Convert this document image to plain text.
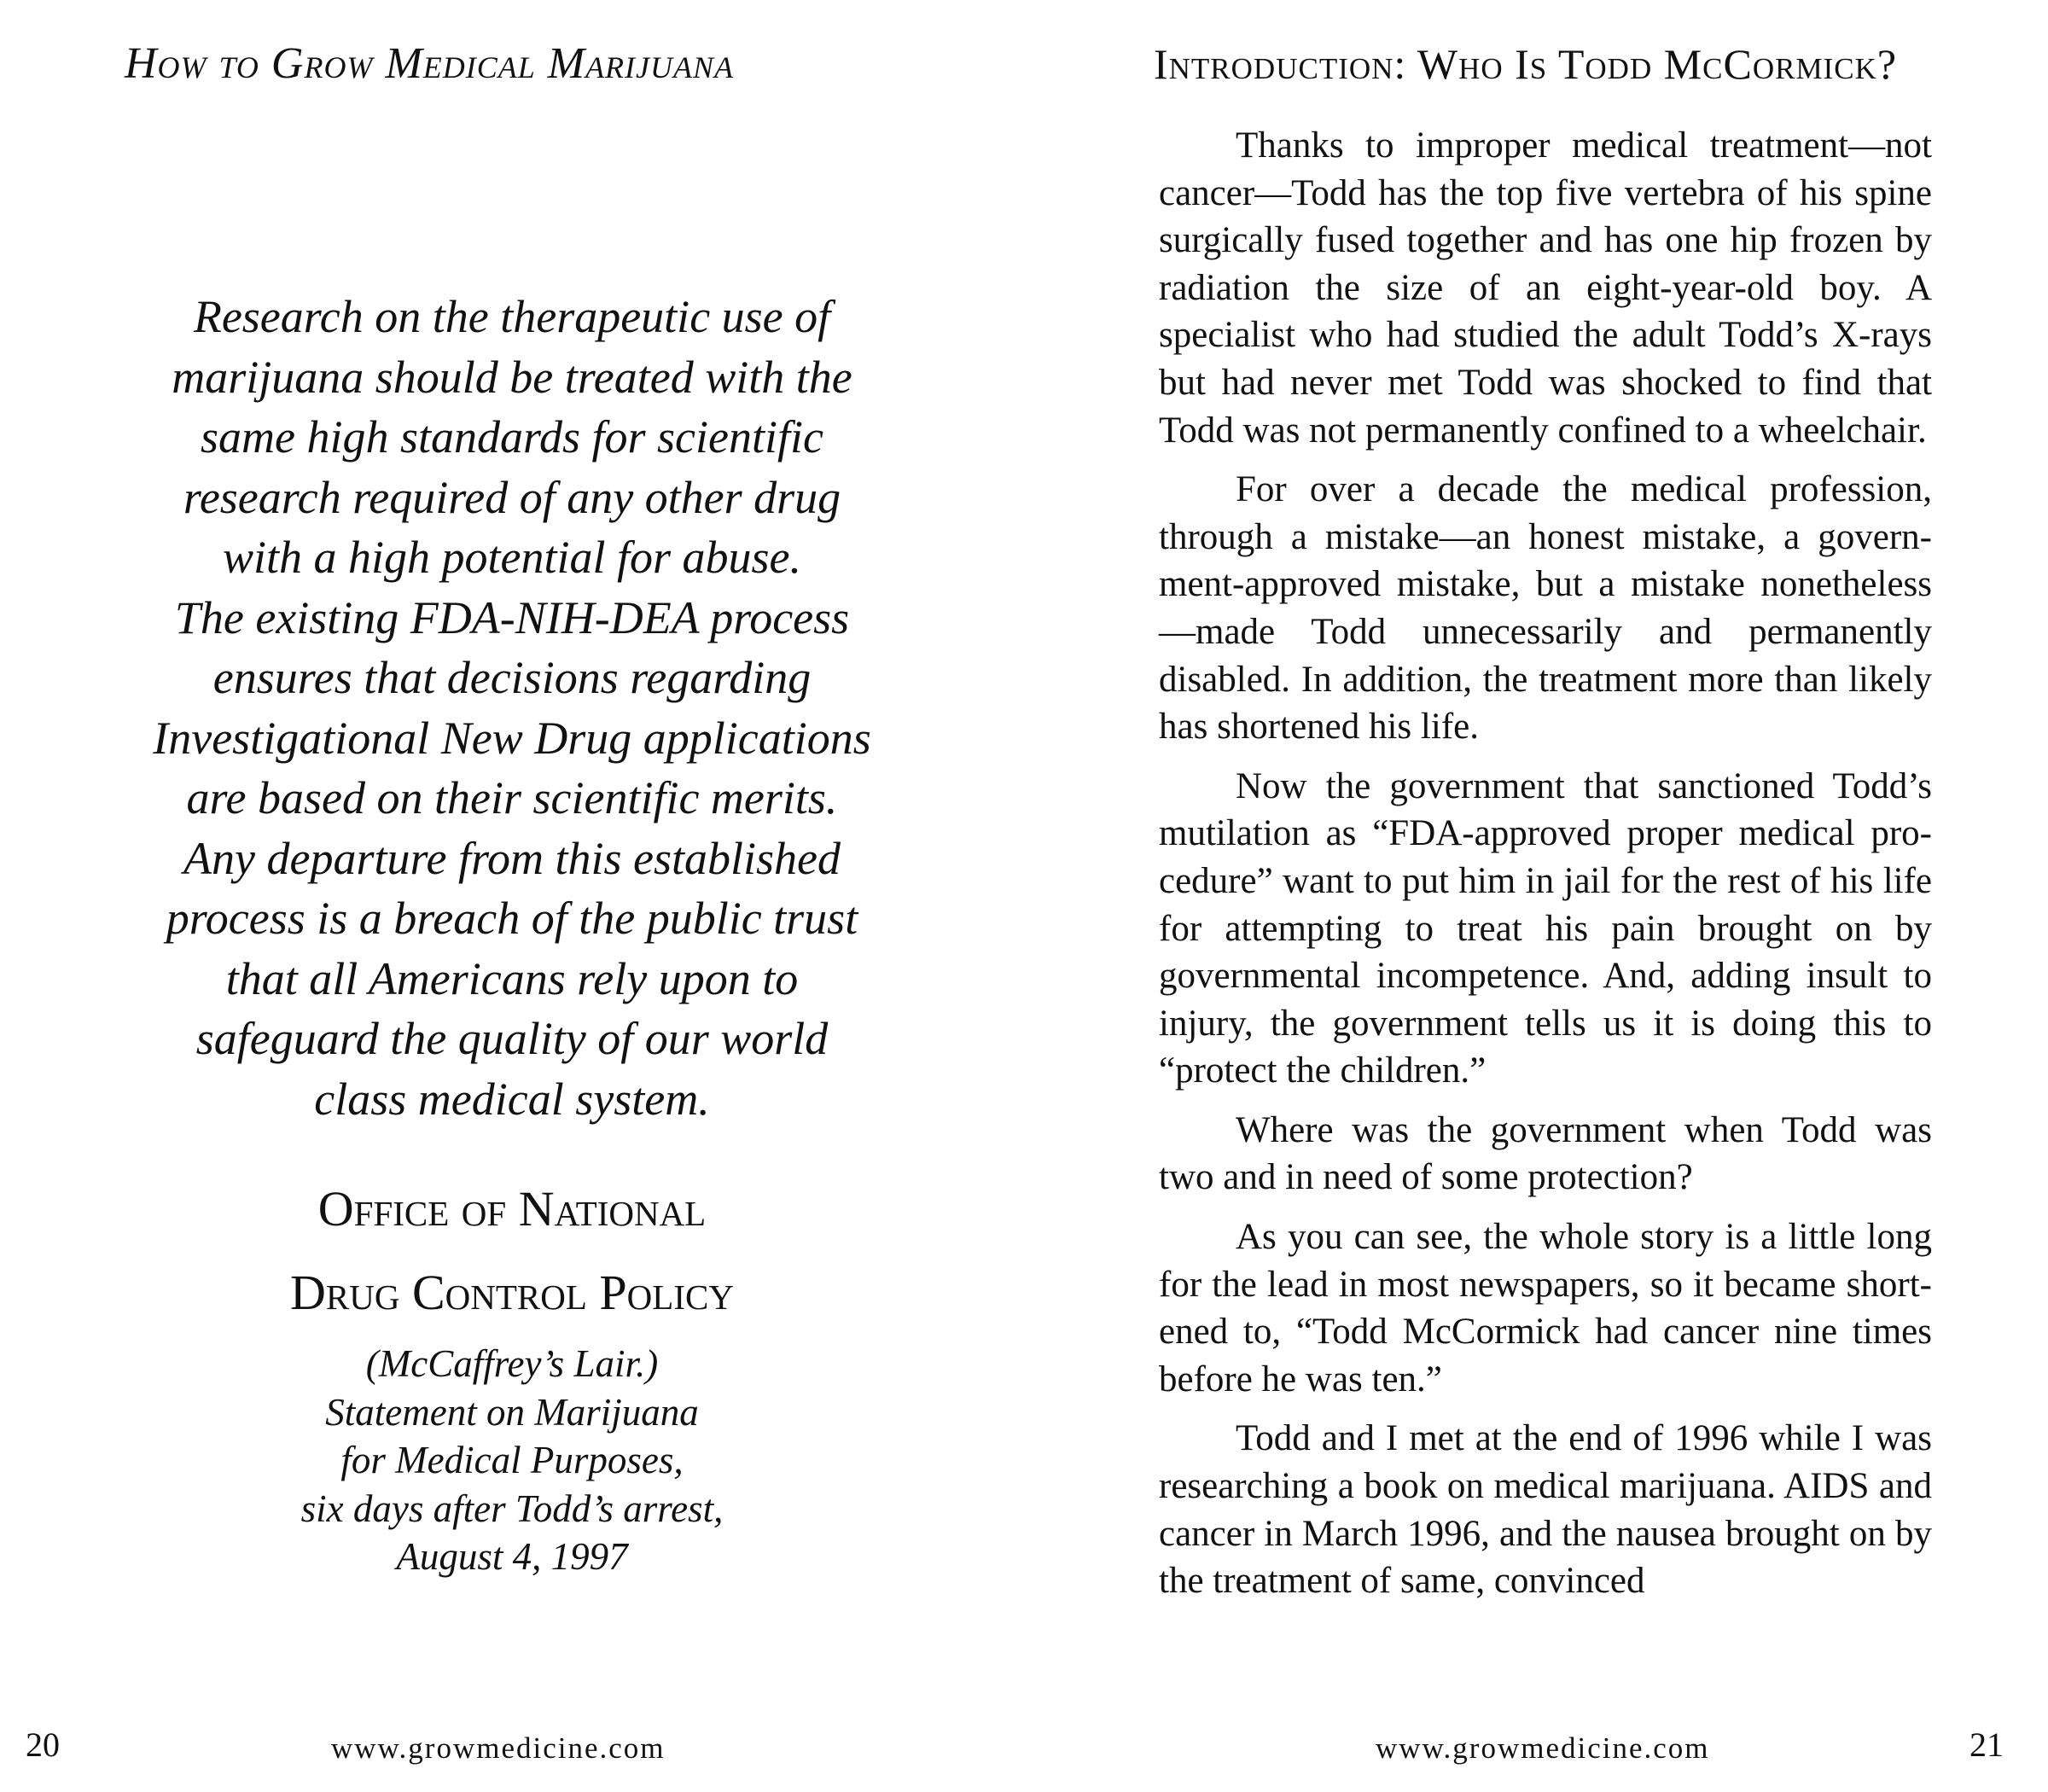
How to Grow Medical Marijuana
Research on the therapeutic use of
marijuana should be treated with the
same high standards for scientific
research required of any other drug
with a high potential for abuse.
The existing FDA-NIH-DEA process
ensures that decisions regarding
Investigational New Drug applications
are based on their scientific merits.
Any departure from this established
process is a breach of the public trust
that all Americans rely upon to
safeguard the quality of our world
class medical system.
Office of National
Drug Control Policy
(McCaffrey’s Lair.)
Statement on Marijuana
for Medical Purposes,
six days after Todd’s arrest,
August 4, 1997
20	www.growmedicine.com
Introduction: Who Is Todd McCormick?

Thanks to improper medical treatment—not cancer—Todd has the top five vertebra of his spine surgically fused together and has one hip frozen by radiation the size of an eight-year-old boy. A specialist who had studied the adult Todd’s X-rays but had never met Todd was shocked to find that Todd was not permanently confined to a wheelchair.

For over a decade the medical profession, through a mistake—an honest mistake, a government-approved mistake, but a mistake nonetheless—made Todd unnecessarily and permanently disabled. In addition, the treatment more than likely has shortened his life.

Now the government that sanctioned Todd’s mutilation as “FDA-approved proper medical procedure” want to put him in jail for the rest of his life for attempting to treat his pain brought on by governmental incompetence. And, adding insult to injury, the government tells us it is doing this to “protect the children.”

Where was the government when Todd was two and in need of some protection?

As you can see, the whole story is a little long for the lead in most newspapers, so it became shortened to, “Todd McCormick had cancer nine times before he was ten.”

Todd and I met at the end of 1996 while I was researching a book on medical marijuana. AIDS and cancer in March 1996, and the nausea brought on by the treatment of same, convinced

www.growmedicine.com	21
